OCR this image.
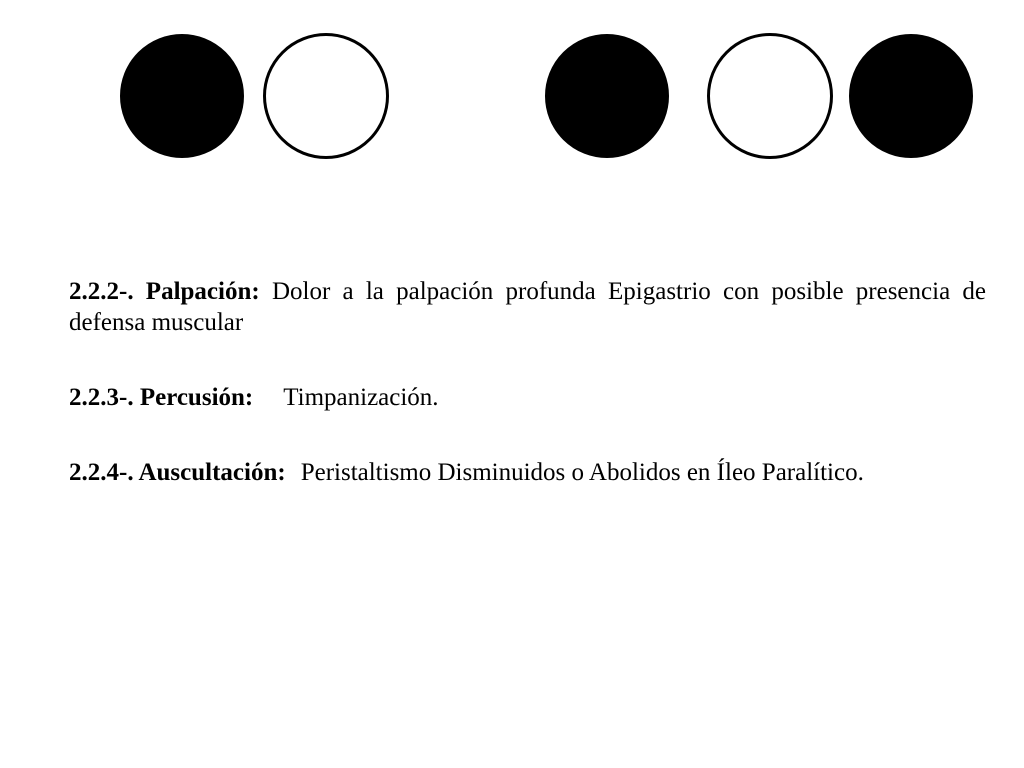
2.2.2-. Palpación: Dolor a la palpación profunda Epigastrio con posible presencia de defensa muscular

2.2.3-. Percusión: Timpanización.

2.2.4-. Auscultación: Peristaltismo Disminuidos o Abolidos en Íleo Paralítico.
